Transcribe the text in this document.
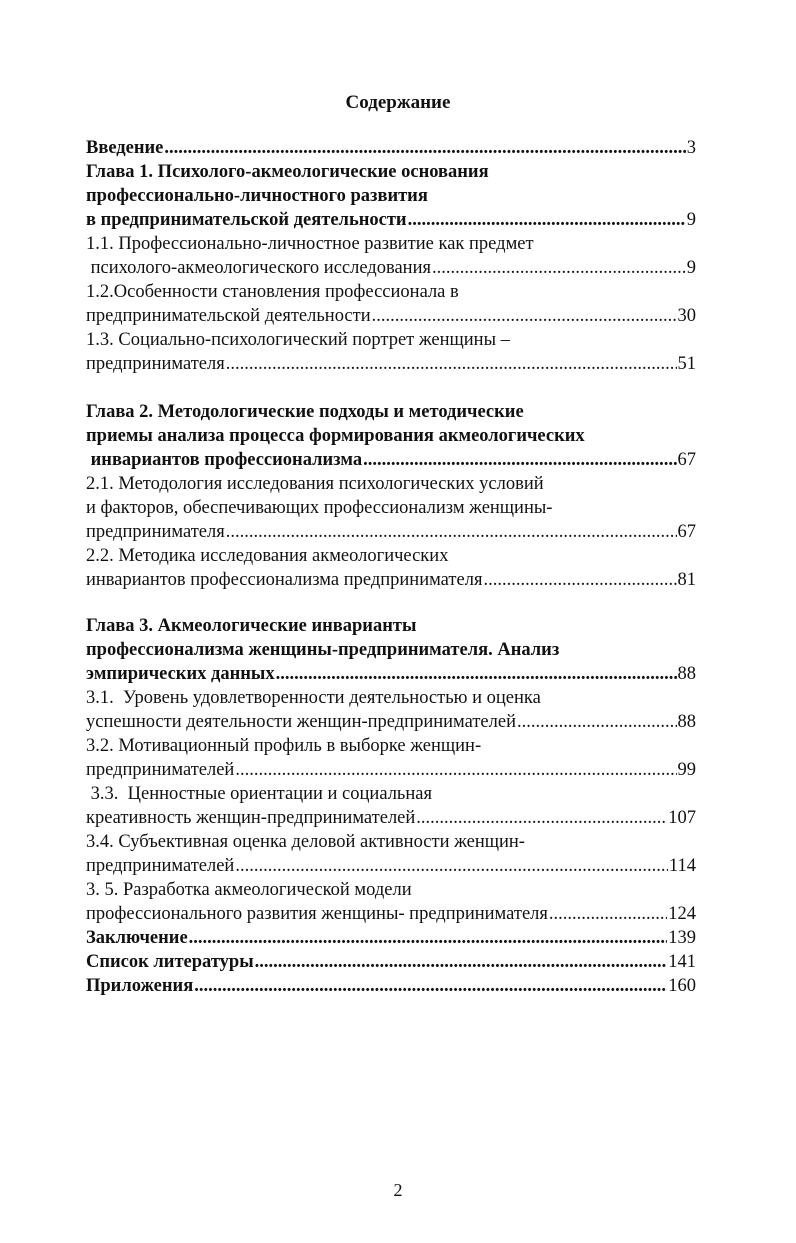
Содержание
Введение .....	3
Глава 1. Психолого-акмеологические основания
профессионально-личностного развития
в предпринимательской деятельности .....	9
1.1. Профессионально-личностное развитие как предмет
психолого-акмеологического исследования .....	9
1.2.Особенности становления профессионала в
предпринимательской деятельности .....	30
1.3. Социально-психологический портрет женщины –
предпринимателя .....	51
Глава 2. Методологические подходы и методические
приемы анализа процесса формирования акмеологических
инвариантов профессионализма .....	67
2.1. Методология исследования психологических условий
и факторов, обеспечивающих профессионализм женщины-
предпринимателя .....	67
2.2. Методика исследования акмеологических
инвариантов профессионализма предпринимателя .....	81
Глава 3. Акмеологические инварианты
профессионализма женщины-предпринимателя. Анализ
эмпирических данных .....	88
3.1.  Уровень удовлетворенности деятельностью и оценка
успешности деятельности женщин-предпринимателей .....	88
3.2. Мотивационный профиль в выборке женщин-
предпринимателей .....	99
3.3.  Ценностные ориентации и социальная
креативность женщин-предпринимателей .....	107
3.4. Субъективная оценка деловой активности женщин-
предпринимателей .....	114
3. 5. Разработка акмеологической модели
профессионального развития женщины- предпринимателя .....	124
Заключение .....	139
Список литературы .....	141
Приложения .....	160
2
